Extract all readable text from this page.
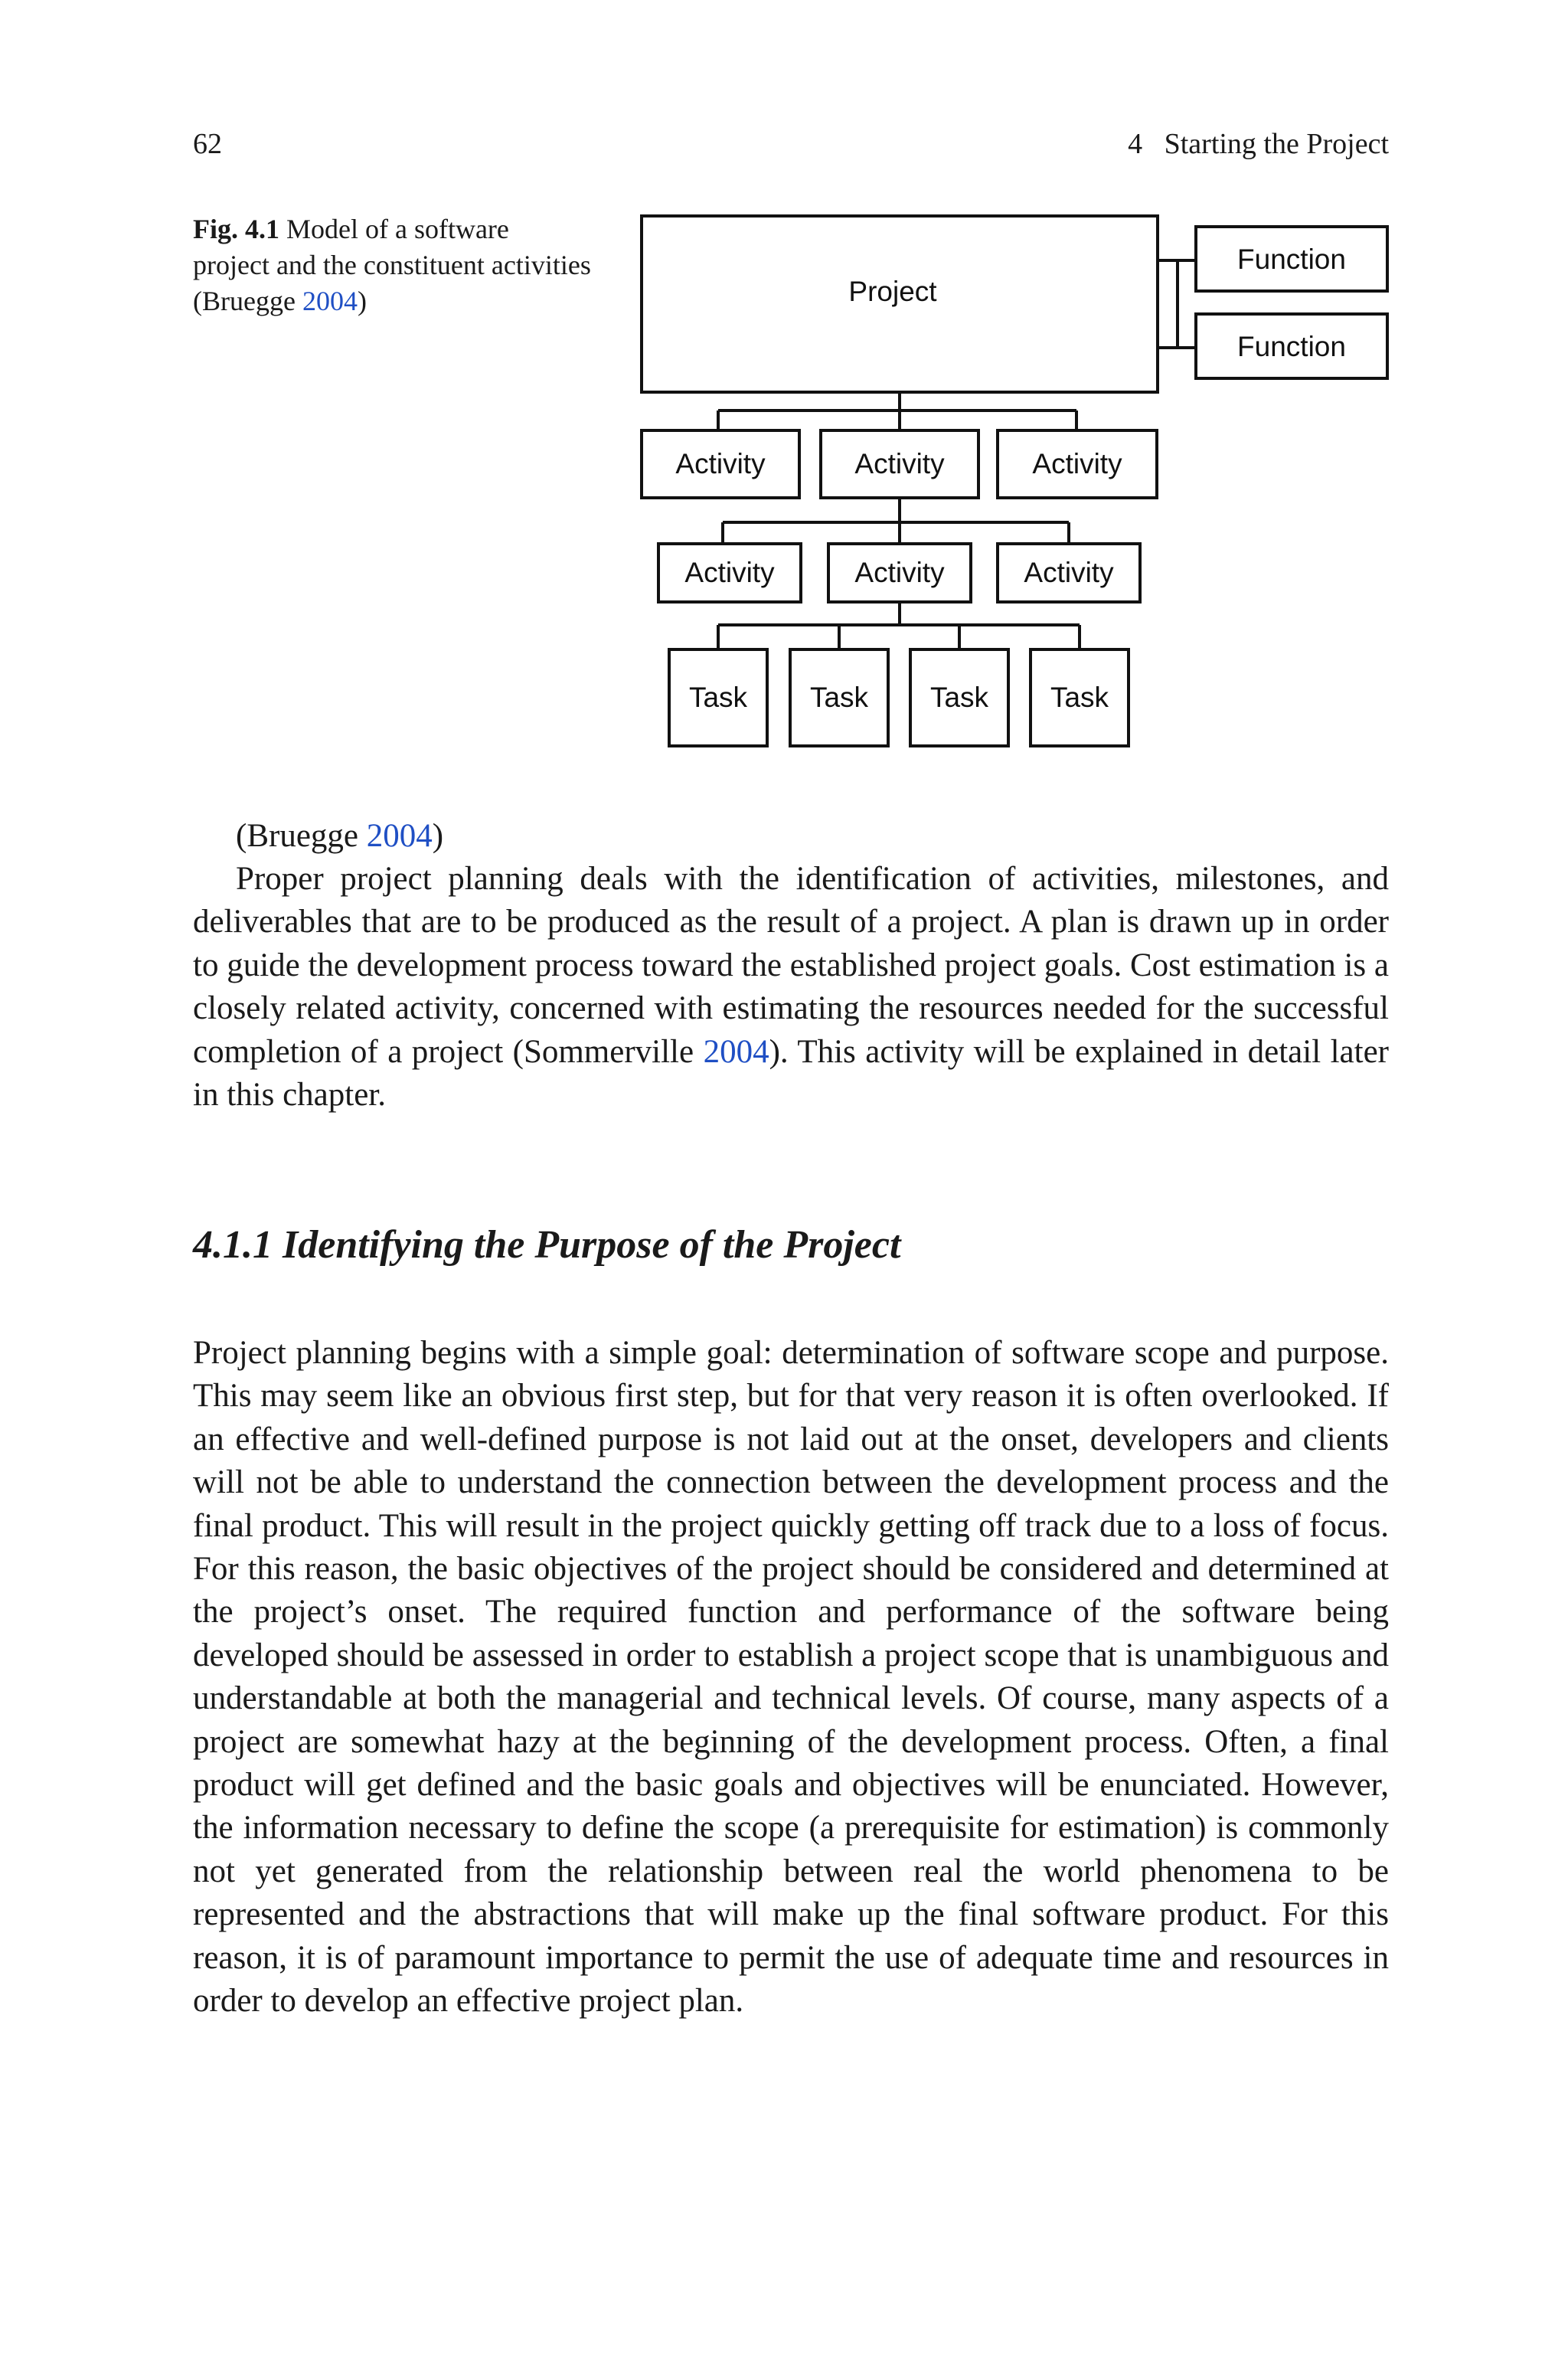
62	4   Starting the Project
Fig. 4.1 Model of a software project and the constituent activities (Bruegge 2004)	Project
Function
Function
Activity	Activity	Activity
Activity	Activity	Activity
Task Task Task Task
(Bruegge 2004)

Proper project planning deals with the identification of activities, milestones, and deliverables that are to be produced as the result of a project. A plan is drawn up in order to guide the development process toward the established project goals. Cost estimation is a closely related activity, concerned with estimating the resources needed for the successful completion of a project (Sommerville 2004). This activity will be explained in detail later in this chapter.

4.1.1 Identifying the Purpose of the Project

Project planning begins with a simple goal: determination of software scope and purpose. This may seem like an obvious first step, but for that very reason it is often overlooked. If an effective and well-defined purpose is not laid out at the onset, developers and clients will not be able to understand the connection between the development process and the final product. This will result in the project quickly getting off track due to a loss of focus. For this reason, the basic objectives of the project should be considered and determined at the project’s onset. The required function and performance of the software being developed should be assessed in order to establish a project scope that is unambiguous and understandable at both the managerial and technical levels. Of course, many aspects of a project are somewhat hazy at the beginning of the development process. Often, a final product will get defined and the basic goals and objectives will be enunciated. However, the information necessary to define the scope (a prerequisite for estimation) is commonly not yet generated from the relationship between real the world phenomena to be represented and the abstractions that will make up the final software product. For this reason, it is of paramount importance to permit the use of adequate time and resources in order to develop an effective project plan.
